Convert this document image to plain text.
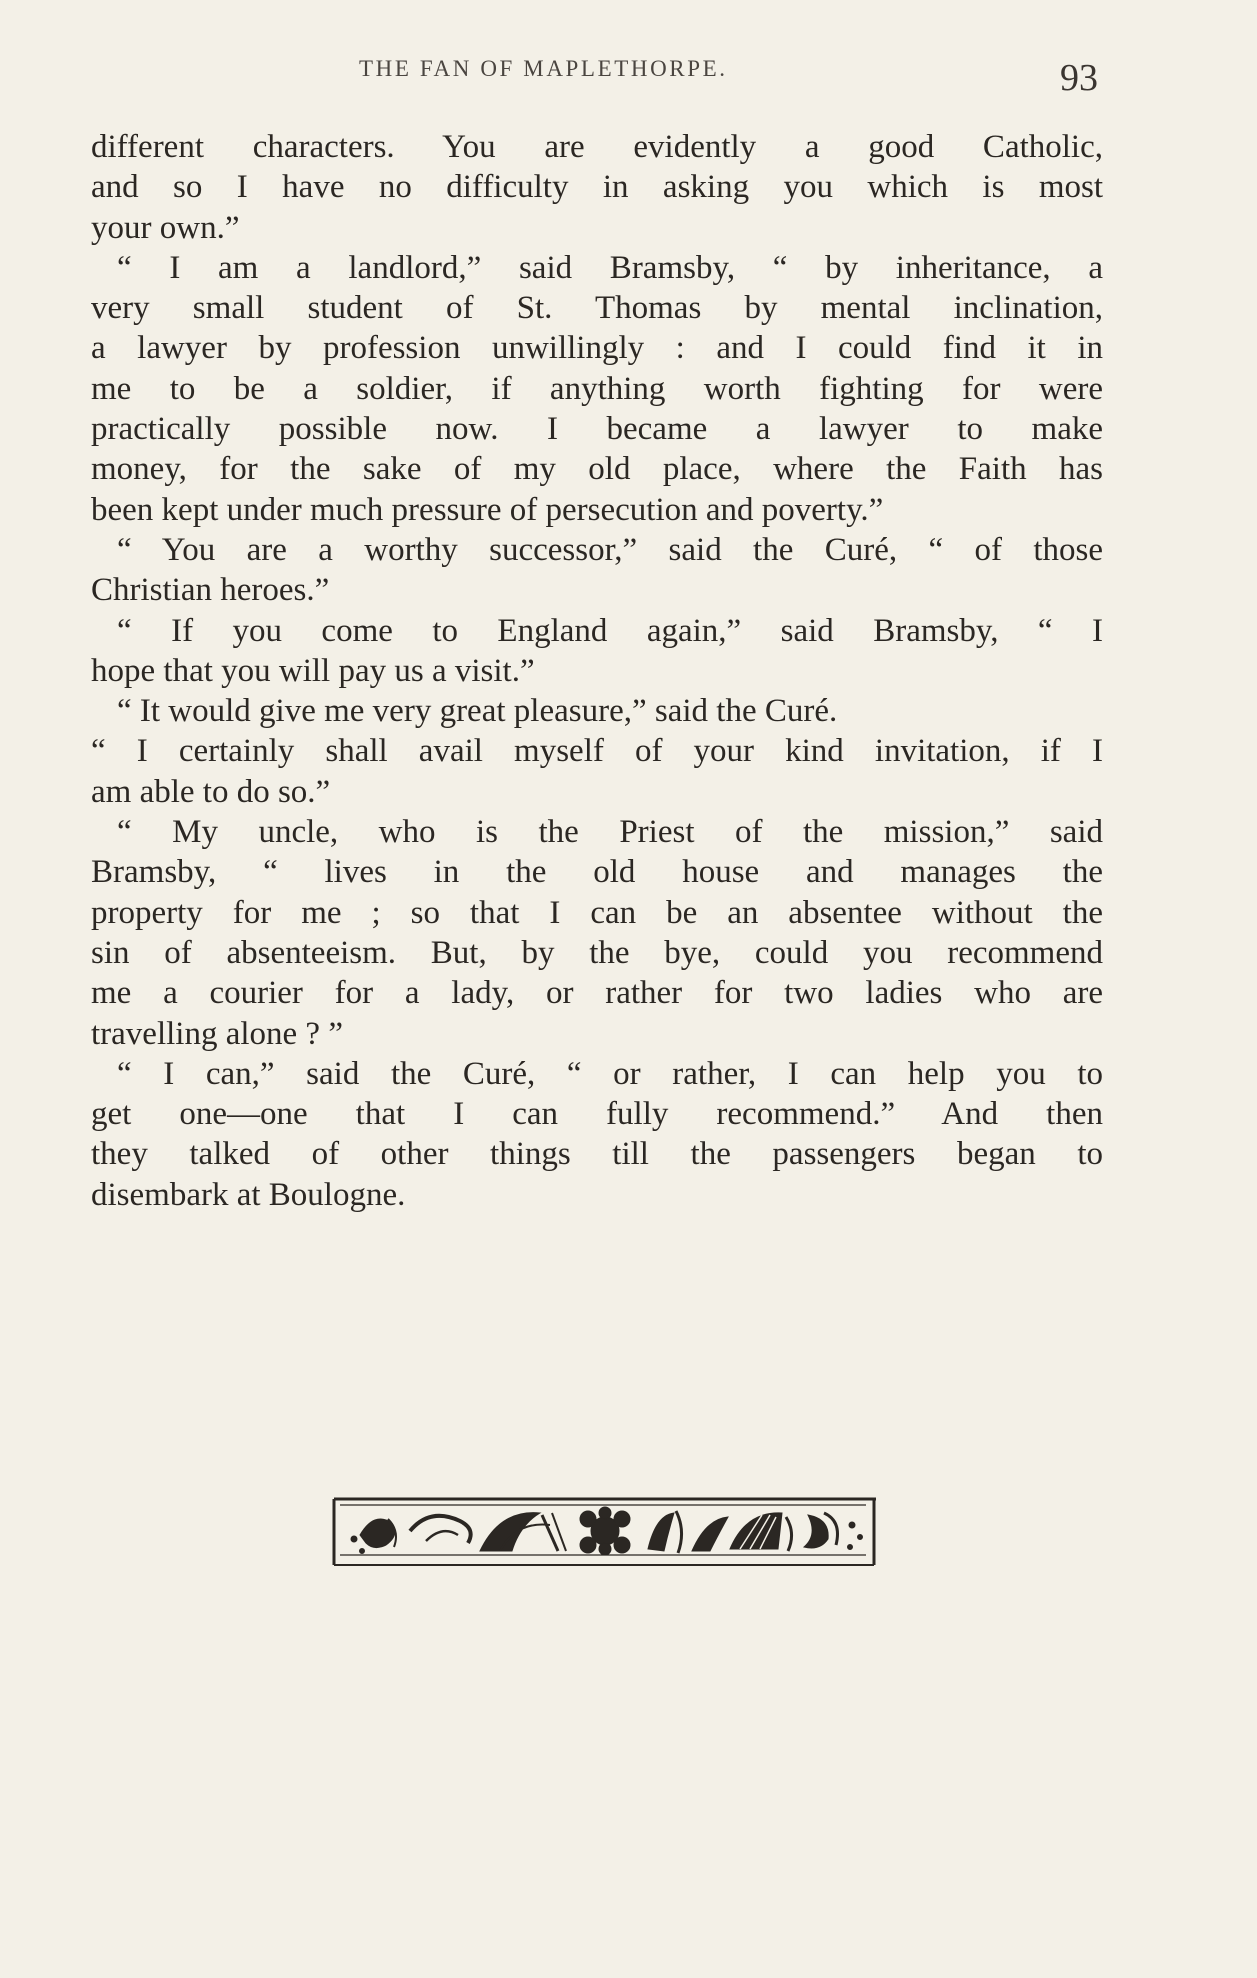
THE FAN OF MAPLETHORPE.	93
different characters. You are evidently a good Catholic,
and so I have no difficulty in asking you which is most
your own.”
“ I am a landlord,” said Bramsby, “ by inheritance, a
very small student of St. Thomas by mental inclination,
a lawyer by profession unwillingly : and I could find it in
me to be a soldier, if anything worth fighting for were
practically possible now. I became a lawyer to make
money, for the sake of my old place, where the Faith has
been kept under much pressure of persecution and poverty.”
“ You are a worthy successor,” said the Curé, “ of those
Christian heroes.”
“ If you come to England again,” said Bramsby, “ I
hope that you will pay us a visit.”
“ It would give me very great pleasure,” said the Curé.
“ I certainly shall avail myself of your kind invitation, if I
am able to do so.”
“ My uncle, who is the Priest of the mission,” said
Bramsby, “ lives in the old house and manages the
property for me ; so that I can be an absentee without the
sin of absenteeism. But, by the bye, could you recommend
me a courier for a lady, or rather for two ladies who are
travelling alone ? ”
“ I can,” said the Curé, “ or rather, I can help you to
get one—one that I can fully recommend.” And then
they talked of other things till the passengers began to
disembark at Boulogne.
